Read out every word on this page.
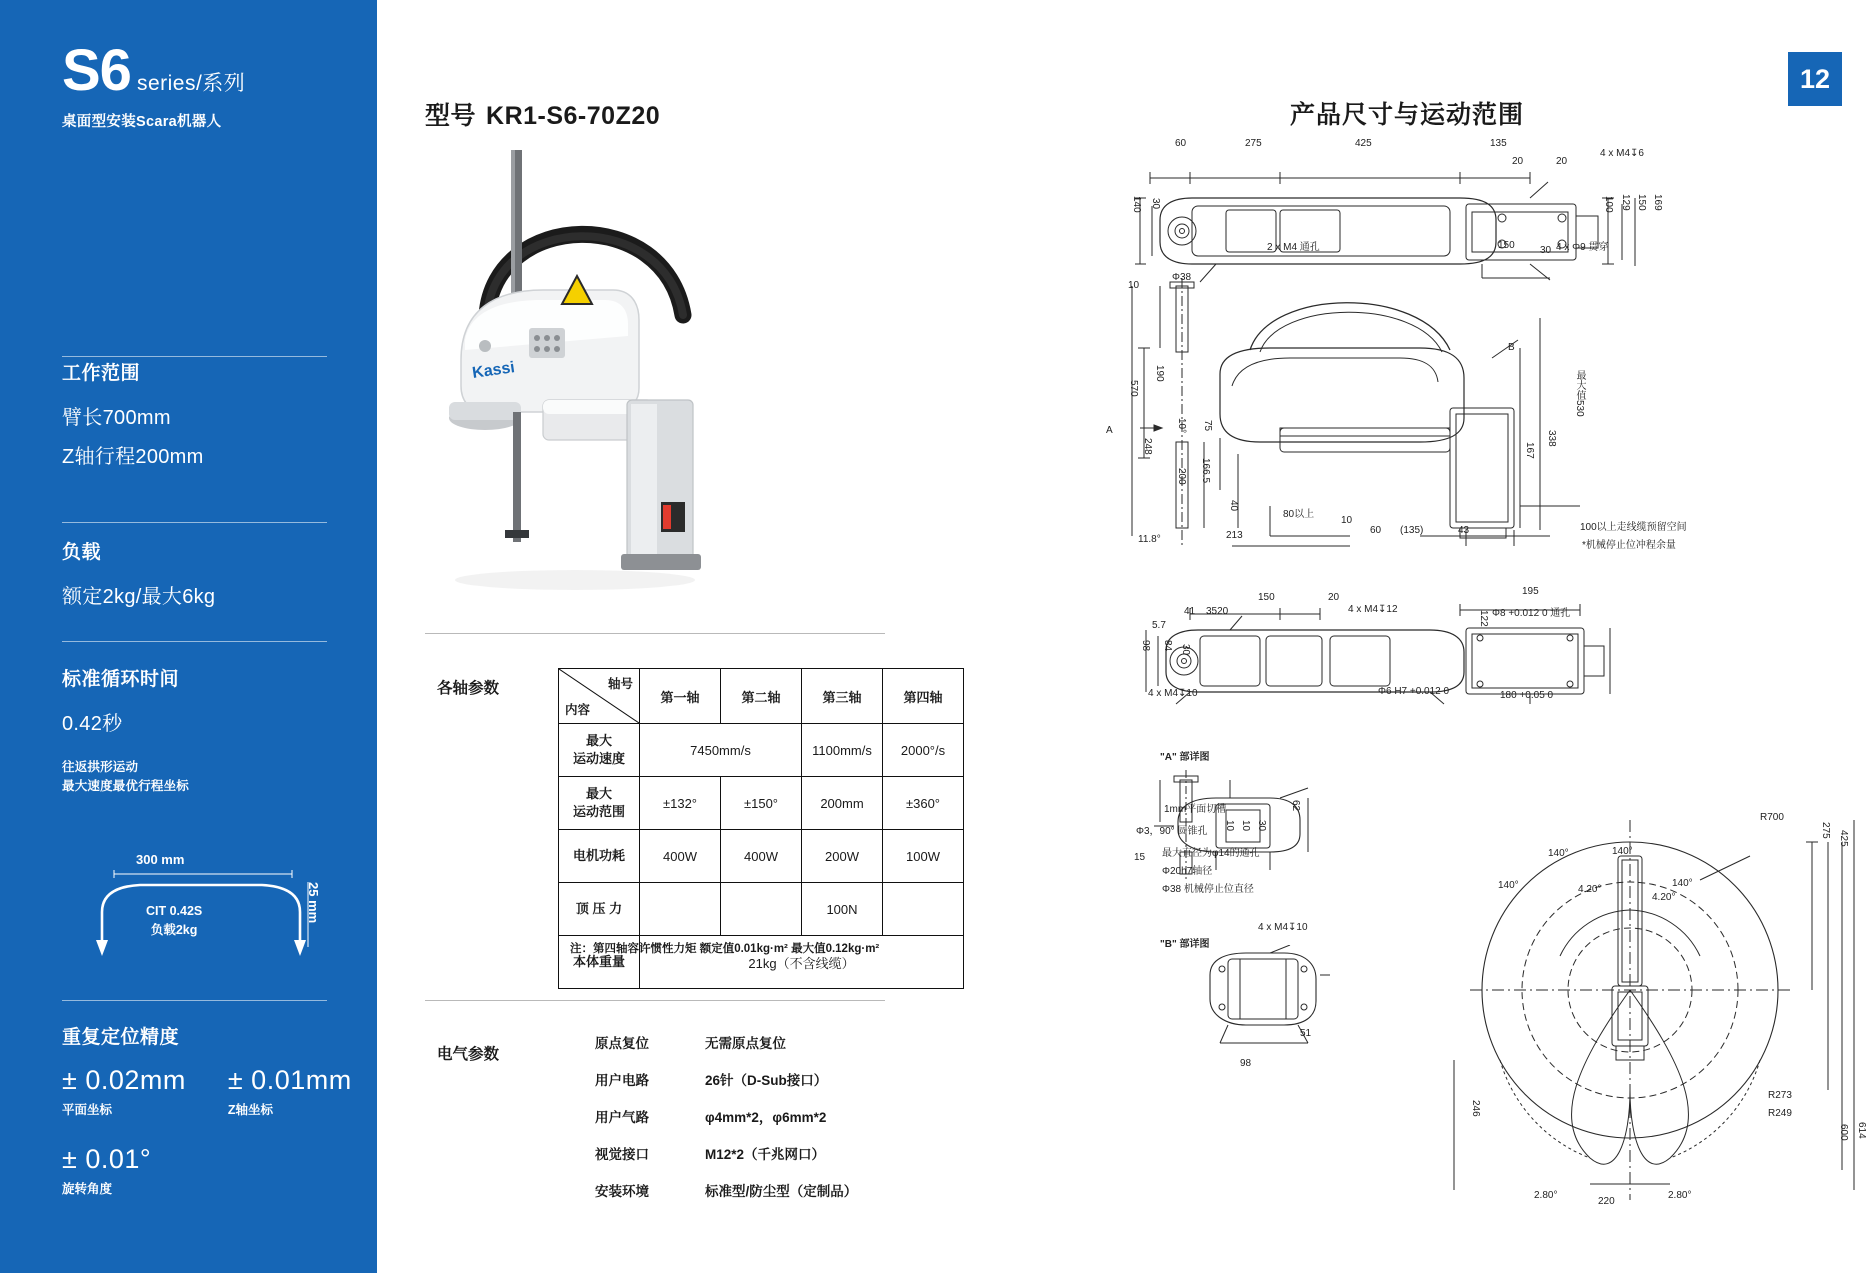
S6 series/系列
桌面型安装Scara机器人
工作范围

臂长700mm

Z轴行程200mm

负载

额定2kg/最大6kg

标准循环时间

0.42秒

往返拱形运动
最大速度最优行程坐标
300 mm
25 mm
CIT 0.42S
负载2kg
重复定位精度
± 0.02mm
平面坐标
± 0.01mm
Z轴坐标
± 0.01°
旋转角度
型号 KR1-S6-70Z20
Kassi
各轴参数	轴号
内容	第一轴	第二轴	第三轴	第四轴
最大
运动速度	7450mm/s		1100mm/s	2000°/s
最大
运动范围	±132°	±150°	200mm	±360°
电机功耗	400W	400W	200W	100W
顶 压 力			100N	
本体重量	21kg（不含线缆）			
注：第四轴容许惯性力矩 额定值0.01kg·m² 最大值0.12kg·m²
电气参数
原点复位	无需原点复位
用户电路	26针（D-Sub接口）
用户气路	φ4mm*2，φ6mm*2
视觉接口	M12*2（千兆网口）
安装环境	标准型/防尘型（定制品）
产品尺寸与运动范围
12
60	275	425	135
20	20
4 x M4↧6
140 30	100 129 150 169
2 x M4 通孔	150	30 4 x Φ9 贯穿
10
Φ38
190
570
10° 75
248
200 166.5
40
11.8°	213
80以上
10
60 (135)	43
167
338
最大值530
B
A
100以上走线缆预留空间
*机械停止位冲程余量
150	20
4 x M4↧12
195
Φ8 +0.012 0 通孔
122
41 3520
5.7
98 84 30
4 x M4↧10	Φ6 H7 +0.012 0	180 +0.05 0
"A" 部详图
1mm平面切槽
Φ3，90° 圆锥孔
62
15
10 10 30
最大直径为φ14的通孔
Φ20h7轴径
Φ38 机械停止位直径
"B" 部详图
4 x M4↧10
98
51
R700
140°	140°
140°	140°
4.20°
4.20°
2.80°	2.80°
246
220
R273
R249
275 425
600 614
